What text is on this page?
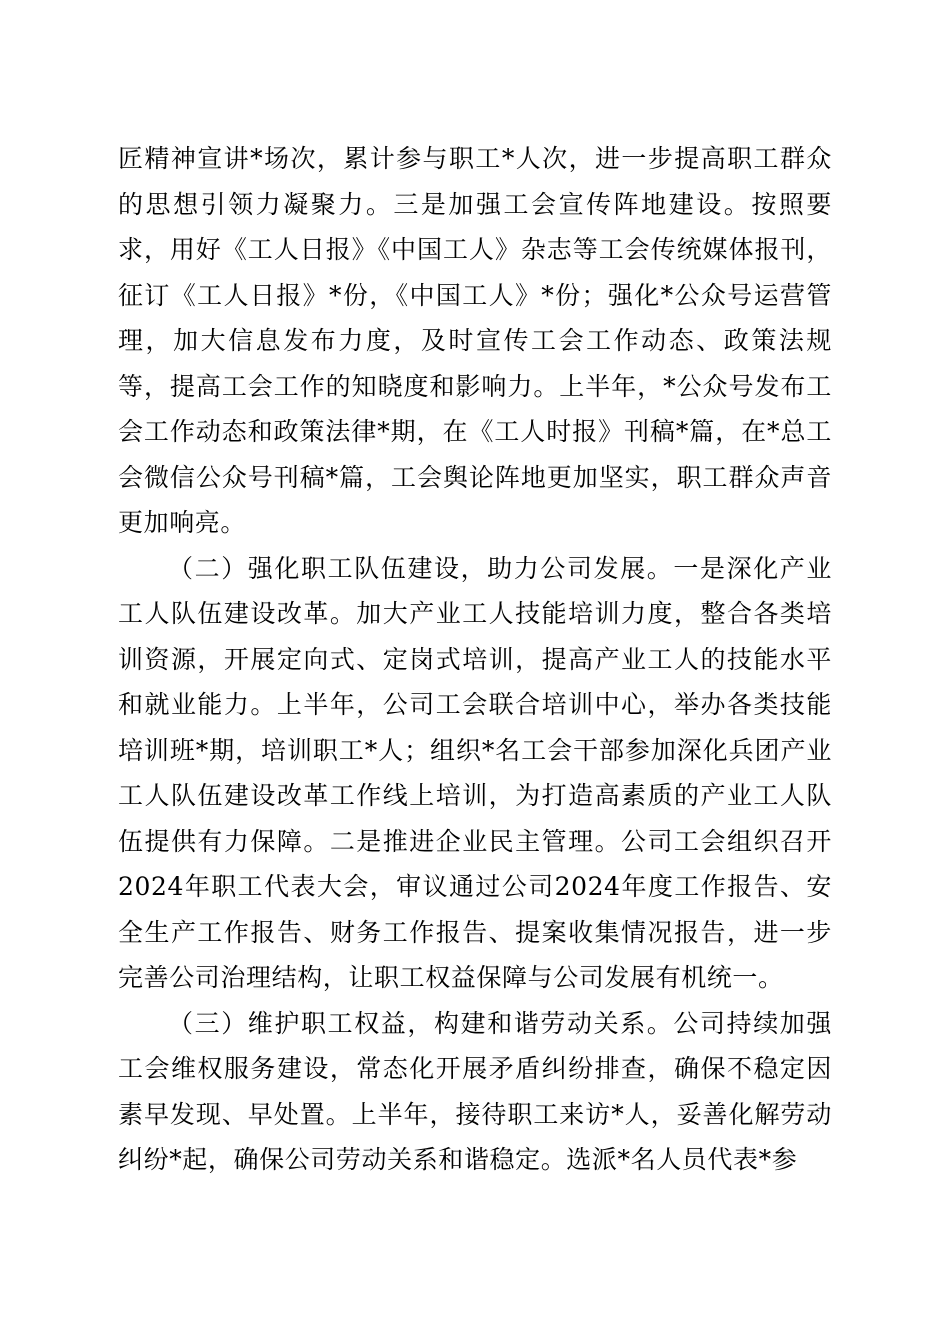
匠精神宣讲*场次，累计参与职工*人次，进一步提高职工群众的思想引领力凝聚力。三是加强工会宣传阵地建设。按照要求，用好《工人日报》《中国工人》杂志等工会传统媒体报刊，征订《工人日报》*份，《中国工人》*份；强化*公众号运营管理，加大信息发布力度，及时宣传工会工作动态、政策法规等，提高工会工作的知晓度和影响力。上半年，*公众号发布工会工作动态和政策法律*期，在《工人时报》刊稿*篇，在*总工会微信公众号刊稿*篇，工会舆论阵地更加坚实，职工群众声音更加响亮。

（二）强化职工队伍建设，助力公司发展。一是深化产业工人队伍建设改革。加大产业工人技能培训力度，整合各类培训资源，开展定向式、定岗式培训，提高产业工人的技能水平和就业能力。上半年，公司工会联合培训中心，举办各类技能培训班*期，培训职工*人；组织*名工会干部参加深化兵团产业工人队伍建设改革工作线上培训，为打造高素质的产业工人队伍提供有力保障。二是推进企业民主管理。公司工会组织召开2024年职工代表大会，审议通过公司2024年度工作报告、安全生产工作报告、财务工作报告、提案收集情况报告，进一步完善公司治理结构，让职工权益保障与公司发展有机统一。

（三）维护职工权益，构建和谐劳动关系。公司持续加强工会维权服务建设，常态化开展矛盾纠纷排查，确保不稳定因素早发现、早处置。上半年，接待职工来访*人，妥善化解劳动纠纷*起，确保公司劳动关系和谐稳定。选派*名人员代表*参
